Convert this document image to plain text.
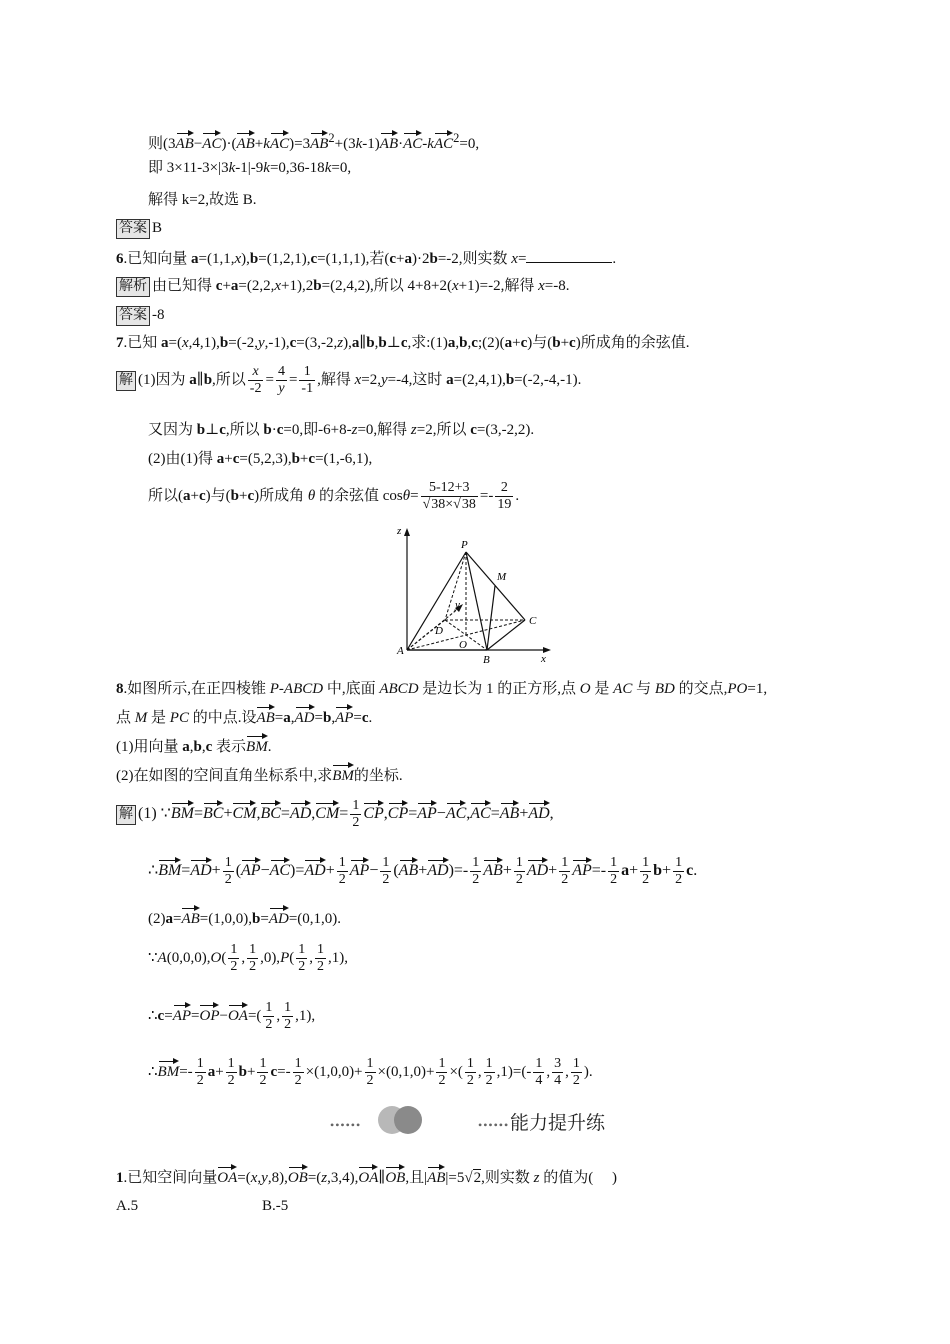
则$(3AB-AC)\cdot(AB+kAC)=3AB^2+(3k-1)AB\cdot AC-kAC^2=0$,
即 3×11-3×|3k-1|-9k=0,36-18k=0,
解得 k=2,故选 B.
答案 B
6.已知向量 a=(1,1,x),b=(1,2,1),c=(1,1,1),若(c+a)·2b=-2,则实数 x=	.
解析 由已知得 c+a=(2,2,x+1),2b=(2,4,2),所以 4+8+2(x+1)=-2,解得 x=-8.
答案 -8
7.已知 a=(x,4,1),b=(-2,y,-1),c=(3,-2,z),a∥b,b⊥c,求:(1)a,b,c;(2)(a+c)与(b+c)所成角的余弦值.
解 (1)因为 a∥b,所以 $\frac{x}{-2} = \frac{4}{y} = \frac{1}{-1}$ ,解得 x=2,y=-4,这时 a=(2,4,1),b=(-2,-4,-1).
又因为 b⊥c,所以 b·c=0,即-6+8-z=0,解得 z=2,所以 c=(3,-2,2).
(2)由(1)得 a+c=(5,2,3),b+c=(1,-6,1),
所以(a+c)与(b+c)所成角 θ 的余弦值 $\cos\theta= \frac{5-12+3}{√38\times√38} =- \frac{2}{19}$ .
z
P
M
y
D
C
A	O
B	x
8.如图所示,在正四棱锥 P-ABCD 中,底面 ABCD 是边长为 1 的正方形,点 O 是 AC 与 BD 的交点,PO=1,
点 M 是 PC 的中点.设AB=a,AD=b,AP=c.
(1)用向量 a,b,c 表示BM.
(2)在如图的空间直角坐标系中,求BM的坐标.
解 (1) ∵BM=BC+CM,BC=AD,CM= $\frac{1}{2} CP,CP=AP-AC,AC=AB+AD$,
∴BM=AD+ $\frac{1}{2} (AP-AC)=AD+ \frac{1}{2} AP- \frac{1}{2} (AB+AD)=- \frac{1}{2} AB+ \frac{1}{2} AD+ \frac{1}{2} AP=- \frac{1}{2} a+ \frac{1}{2} b+ \frac{1}{2} c$.
(2)a=AB=(1,0,0),b=AD=(0,1,0).
∵A(0,0,0),O( $\frac{1}{2}$ , $\frac{1}{2} ,0),P( \frac{1}{2}$ , $\frac{1}{2} ,1$),
∴c=AP=OP−OA=( $\frac{1}{2}$ , $\frac{1}{2} ,1$),
∴BM=- $\frac{1}{2} a+ \frac{1}{2} b+ \frac{1}{2} c=- \frac{1}{2} \times(1,0,0)+ \frac{1}{2} \times(0,1,0)+ \frac{1}{2}$ ×( $\frac{1}{2}$ , $\frac{1}{2} ,1)=(- \frac{1}{4}$ , $\frac{3}{4}$ , $\frac{1}{2}$ ).
••••••	•••••• 能力提升练
1.已知空间向量OA=(x,y,8),OB=(z,3,4),OA∥OB,且|AB|=5√2,则实数 z 的值为(     )
A.5	B.-5
